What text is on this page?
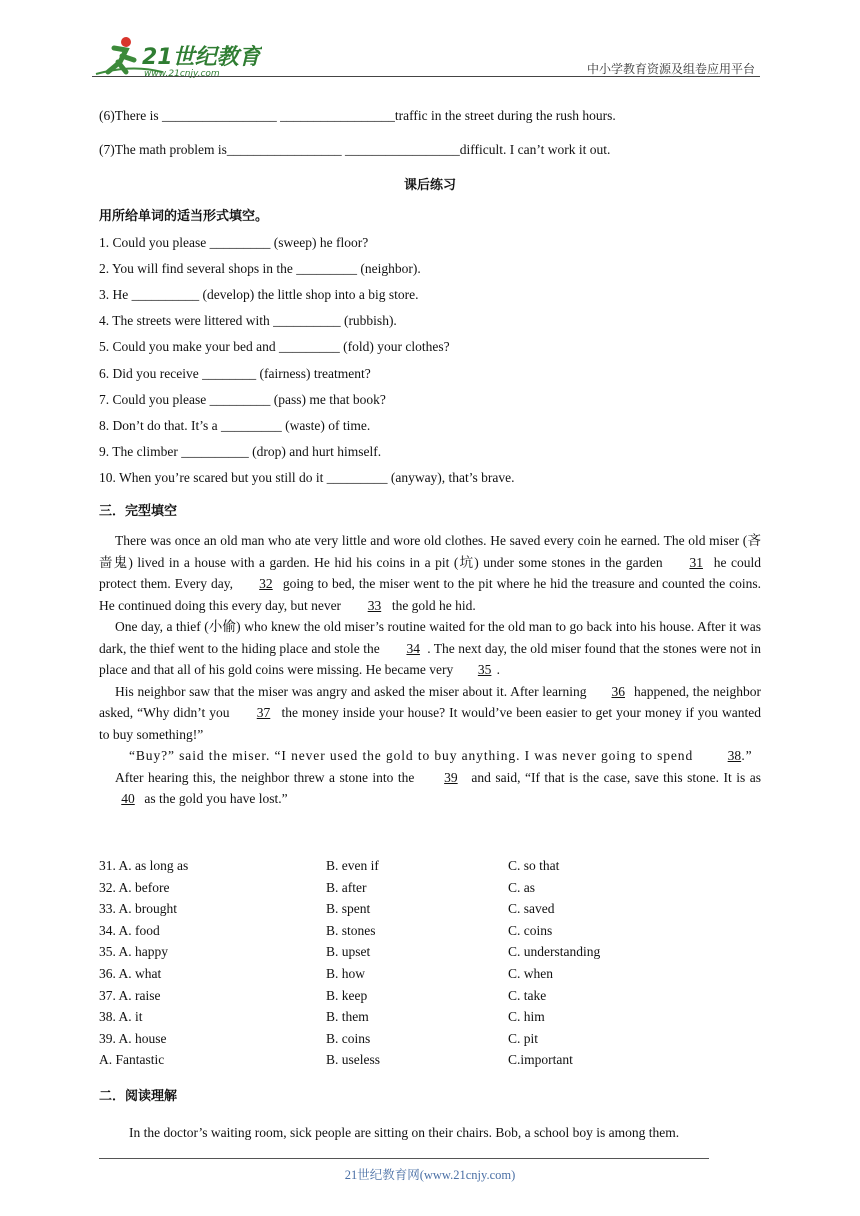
21世纪教育
www.21cnjy.com	中小学教育资源及组卷应用平台
(6)There is _________________ _________________traffic in the street during the rush hours.
(7)The math problem is_________________ _________________difficult. I can’t work it out.
课后练习
用所给单词的适当形式填空。
1. Could you please _________ (sweep) he floor?
2. You will find several shops in the _________ (neighbor).
3. He __________ (develop) the little shop into a big store.
4. The streets were littered with __________ (rubbish).
5. Could you make your bed and _________ (fold) your clothes?
6. Did you receive ________ (fairness) treatment?
7. Could you please _________ (pass) me that book?
8. Don’t do that. It’s a _________ (waste) of time.
9. The climber __________ (drop) and hurt himself.
10. When you’re scared but you still do it _________ (anyway), that’s brave.
三．完型填空

There was once an old man who ate very little and wore old clothes. He saved every coin he earned. The old miser (吝啬鬼) lived in a house with a garden. He hid his coins in a pit (坑) under some stones in the garden 31 he could protect them. Every day, 32 going to bed, the miser went to the pit where he hid the treasure and counted the coins. He continued doing this every day, but never 33 the gold he hid.

One day, a thief (小偷) who knew the old miser’s routine waited for the old man to go back into his house. After it was dark, the thief went to the hiding place and stole the 34 . The next day, the old miser found that the stones were not in place and that all of his gold coins were missing. He became very 35 .

His neighbor saw that the miser was angry and asked the miser about it. After learning 36 happened, the neighbor asked, “Why didn’t you 37 the money inside your house? It would’ve been easier to get your money if you wanted to buy something!”

“Buy?” said the miser. “I never used the gold to buy anything. I was never going to spend	38.”

After hearing this, the neighbor threw a stone into the 39 and said, “If that is the case, save this stone. It is as 40 as the gold you have lost.”

31. A. as long as	B. even if	C. so that
32. A. before	B. after	C. as
33. A. brought	B. spent	C. saved
34. A. food	B. stones	C. coins
35. A. happy	B. upset	C. understanding
36. A. what	B. how	C. when
37. A. raise	B. keep	C. take
38. A. it	B. them	C. him
39. A. house	B. coins	C. pit
A. Fantastic	B. useless	C.important
二．阅读理解
In the doctor’s waiting room, sick people are sitting on their chairs. Bob, a school boy is among them.
21世纪教育网(www.21cnjy.com)
